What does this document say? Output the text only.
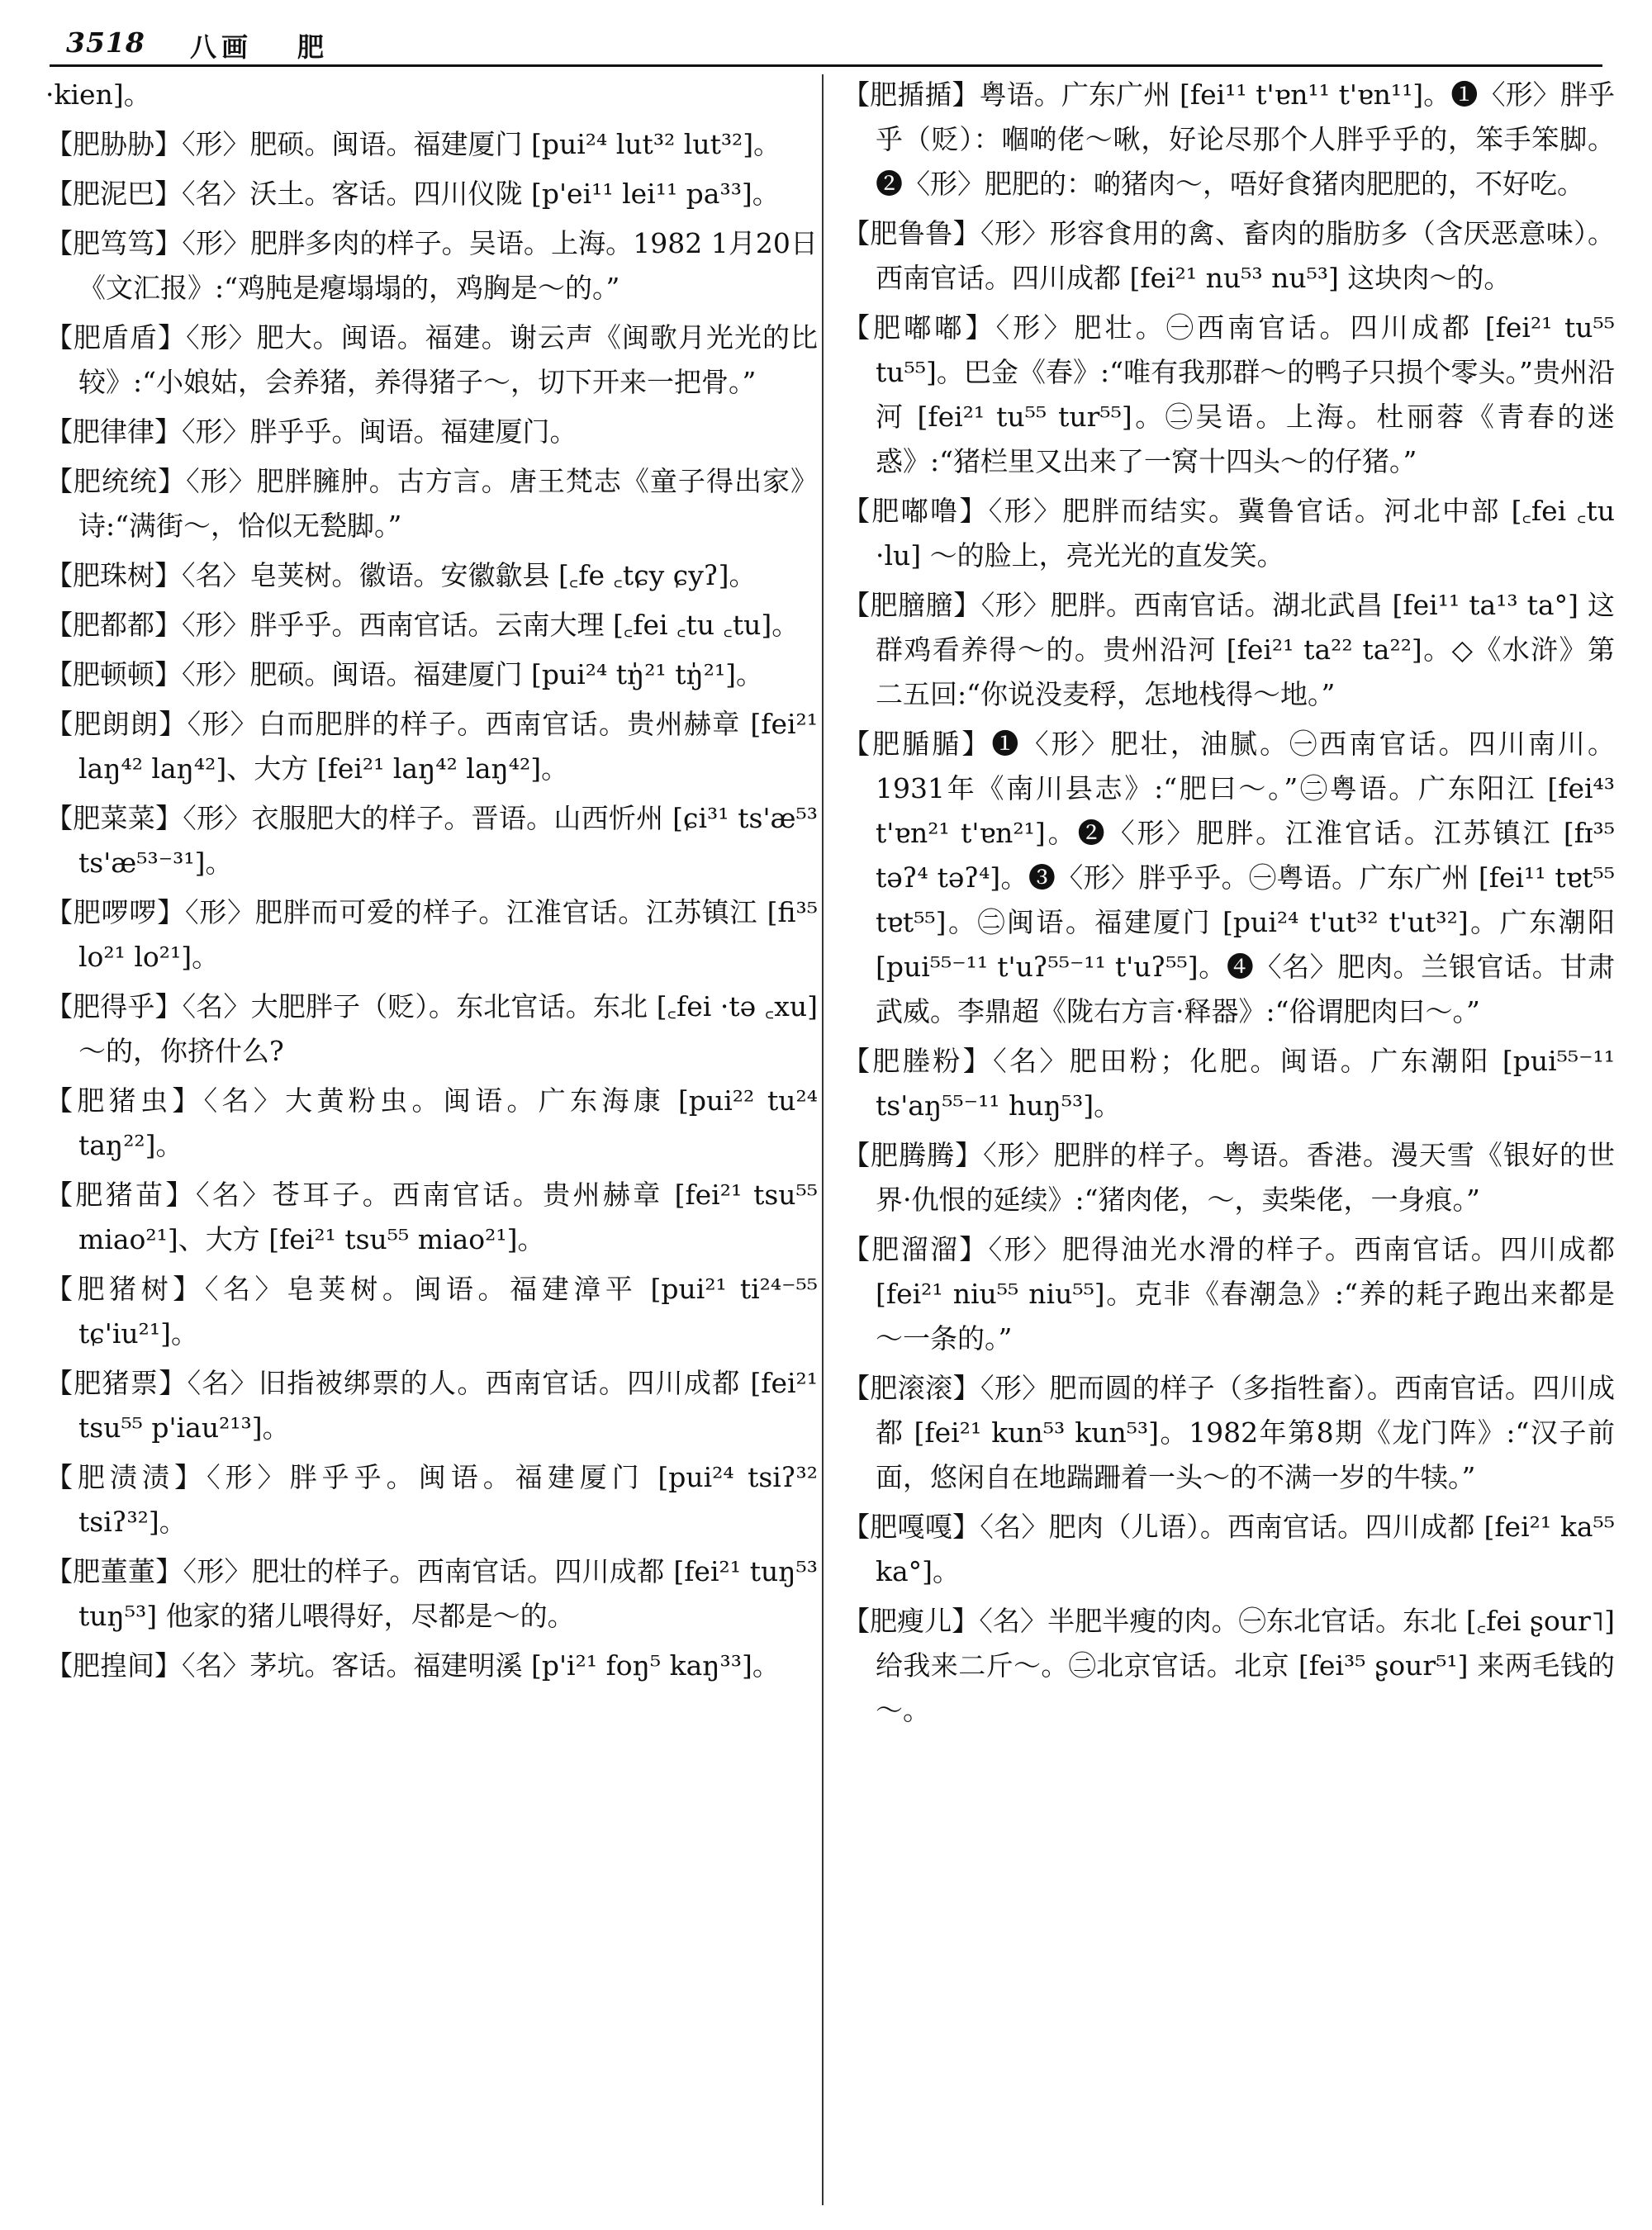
3518 八画 肥

·kien]。

【肥胁胁】〈形〉肥硕。闽语。福建厦门 [pui²⁴ lut³² lut³²]。

【肥泥巴】〈名〉沃土。客话。四川仪陇 [p'ei¹¹ lei¹¹ pa³³]。

【肥笃笃】〈形〉肥胖多肉的样子。吴语。上海。1982 1月20日《文汇报》:“鸡肫是瘪塌塌的，鸡胸是～的。”

【肥盾盾】〈形〉肥大。闽语。福建。谢云声《闽歌月光光的比较》:“小娘姑，会养猪，养得猪子～，切下开来一把骨。”

【肥律律】〈形〉胖乎乎。闽语。福建厦门。

【肥统统】〈形〉肥胖臃肿。古方言。唐王梵志《童子得出家》诗:“满街～，恰似无甃脚。”

【肥珠树】〈名〉皂荚树。徽语。安徽歙县 [꜀fe ꜀tɕy ɕyʔ]。

【肥都都】〈形〉胖乎乎。西南官话。云南大理 [꜀fei ꜀tu ꜀tu]。

【肥顿顿】〈形〉肥硕。闽语。福建厦门 [pui²⁴ tŋ̍²¹ tŋ̍²¹]。

【肥朗朗】〈形〉白而肥胖的样子。西南官话。贵州赫章 [fei²¹ laŋ⁴² laŋ⁴²]、大方 [fei²¹ laŋ⁴² laŋ⁴²]。

【肥菜菜】〈形〉衣服肥大的样子。晋语。山西忻州 [ɕi³¹ ts'æ⁵³ ts'æ⁵³⁻³¹]。

【肥啰啰】〈形〉肥胖而可爱的样子。江淮官话。江苏镇江 [fi³⁵ lo²¹ lo²¹]。

【肥得乎】〈名〉大肥胖子（贬）。东北官话。东北 [꜀fei ·tə ꜀xu] ～的，你挤什么?

【肥猪虫】〈名〉大黄粉虫。闽语。广东海康 [pui²² tu²⁴ taŋ²²]。

【肥猪苗】〈名〉苍耳子。西南官话。贵州赫章 [fei²¹ tsu⁵⁵ miao²¹]、大方 [fei²¹ tsu⁵⁵ miao²¹]。

【肥猪树】〈名〉皂荚树。闽语。福建漳平 [pui²¹ ti²⁴⁻⁵⁵ tɕ'iu²¹]。

【肥猪票】〈名〉旧指被绑票的人。西南官话。四川成都 [fei²¹ tsu⁵⁵ p'iau²¹³]。

【肥渍渍】〈形〉胖乎乎。闽语。福建厦门 [pui²⁴ tsiʔ³² tsiʔ³²]。

【肥董董】〈形〉肥壮的样子。西南官话。四川成都 [fei²¹ tuŋ⁵³ tuŋ⁵³] 他家的猪儿喂得好，尽都是～的。

【肥揘间】〈名〉茅坑。客话。福建明溪 [p'i²¹ foŋ⁵ kaŋ³³]。

【肥揗揗】粤语。广东广州 [fei¹¹ t'ɐn¹¹ t'ɐn¹¹]。❶〈形〉胖乎乎（贬）：嗰啲佬～啾，好论尽那个人胖乎乎的，笨手笨脚。❷〈形〉肥肥的：啲猪肉～，唔好食猪肉肥肥的，不好吃。

【肥鲁鲁】〈形〉形容食用的禽、畜肉的脂肪多（含厌恶意味）。西南官话。四川成都 [fei²¹ nu⁵³ nu⁵³] 这块肉～的。

【肥嘟嘟】〈形〉肥壮。㊀西南官话。四川成都 [fei²¹ tu⁵⁵ tu⁵⁵]。巴金《春》:“唯有我那群～的鸭子只损个零头。”贵州沿河 [fei²¹ tu⁵⁵ tur⁵⁵]。㊁吴语。上海。杜丽蓉《青春的迷惑》:“猪栏里又出来了一窝十四头～的仔猪。”

【肥嘟噜】〈形〉肥胖而结实。冀鲁官话。河北中部 [꜀fei ꜀tu ·lu] ～的脸上，亮光光的直发笑。

【肥膪膪】〈形〉肥胖。西南官话。湖北武昌 [fei¹¹ ta¹³ ta°] 这群鸡看养得～的。贵州沿河 [fei²¹ ta²² ta²²]。◇《水浒》第二五回:“你说没麦稃，怎地栈得～地。”

【肥腯腯】❶〈形〉肥壮，油腻。㊀西南官话。四川南川。1931年《南川县志》:“肥曰～。”㊁粤语。广东阳江 [fei⁴³ t'ɐn²¹ t'ɐn²¹]。❷〈形〉肥胖。江淮官话。江苏镇江 [fɪ³⁵ təʔ⁴ təʔ⁴]。❸〈形〉胖乎乎。㊀粤语。广东广州 [fei¹¹ tɐt⁵⁵ tɐt⁵⁵]。㊁闽语。福建厦门 [pui²⁴ t'ut³² t'ut³²]。广东潮阳 [pui⁵⁵⁻¹¹ t'uʔ⁵⁵⁻¹¹ t'uʔ⁵⁵]。❹〈名〉肥肉。兰银官话。甘肃武威。李鼎超《陇右方言·释器》:“俗谓肥肉曰～。”

【肥塍粉】〈名〉肥田粉；化肥。闽语。广东潮阳 [pui⁵⁵⁻¹¹ ts'aŋ⁵⁵⁻¹¹ huŋ⁵³]。

【肥腾腾】〈形〉肥胖的样子。粤语。香港。漫天雪《银好的世界·仇恨的延续》:“猪肉佬，～，卖柴佬，一身痕。”

【肥溜溜】〈形〉肥得油光水滑的样子。西南官话。四川成都 [fei²¹ niu⁵⁵ niu⁵⁵]。克非《春潮急》:“养的耗子跑出来都是～一条的。”

【肥滚滚】〈形〉肥而圆的样子（多指牲畜）。西南官话。四川成都 [fei²¹ kun⁵³ kun⁵³]。1982年第8期《龙门阵》:“汉子前面，悠闲自在地踹跚着一头～的不满一岁的牛犊。”

【肥嘎嘎】〈名〉肥肉（儿语）。西南官话。四川成都 [fei²¹ ka⁵⁵ ka°]。

【肥瘦儿】〈名〉半肥半瘦的肉。㊀东北官话。东北 [꜀fei ʂour˥] 给我来二斤～。㊁北京官话。北京 [fei³⁵ ʂour⁵¹] 来两毛钱的～。
